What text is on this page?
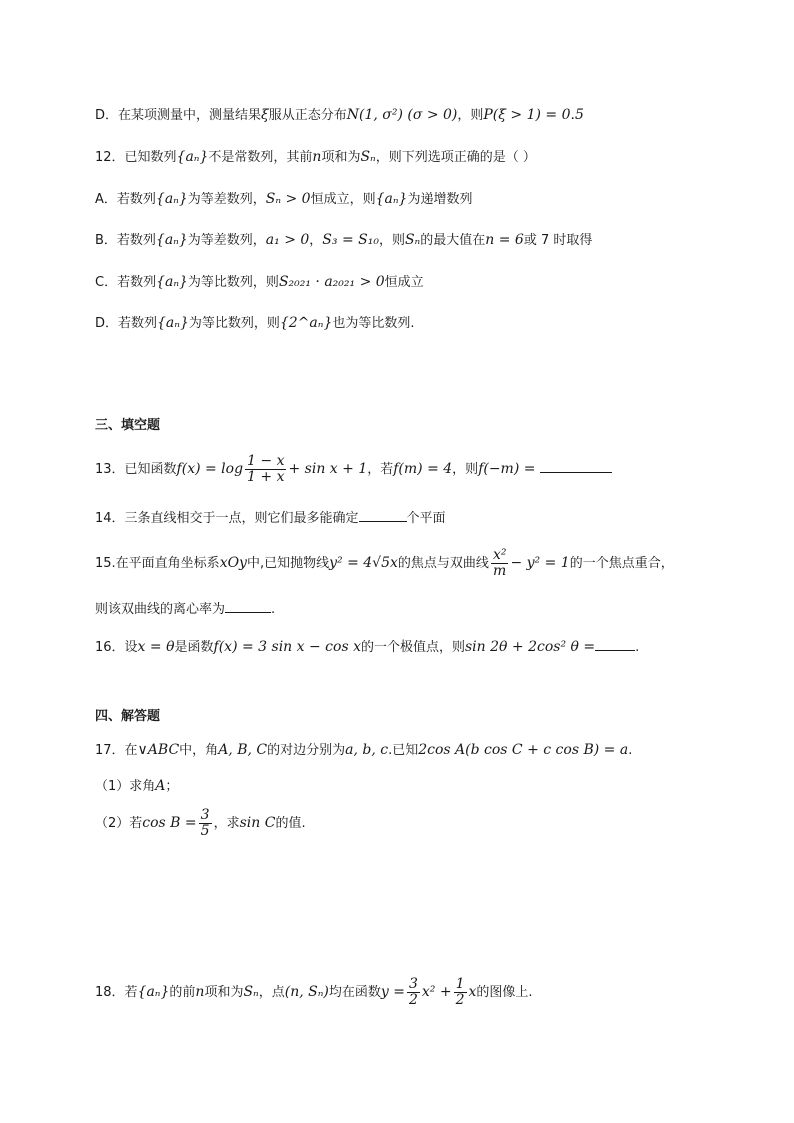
D．在某项测量中，测量结果ξ服从正态分布N(1, σ²) (σ > 0)，则P(ξ > 1) = 0.5
12．已知数列{aₙ}不是常数列，其前n项和为Sₙ，则下列选项正确的是（ ）
A．若数列{aₙ}为等差数列，Sₙ > 0恒成立，则{aₙ}为递增数列
B．若数列{aₙ}为等差数列，a₁ > 0，S₃ = S₁₀，则Sₙ的最大值在n = 6或 7 时取得
C．若数列{aₙ}为等比数列，则S₂₀₂₁ · a₂₀₂₁ > 0恒成立
D．若数列{aₙ}为等比数列，则{2^aₙ}也为等比数列.
三、填空题
13．已知函数$f(x) = \log \frac{1 - x}{1 + x} + \sin x + 1$，若f(m) = 4，则f(−m) =
14．三条直线相交于一点，则它们最多能确定	个平面
15.在平面直角坐标系xOy中,已知抛物线y² = 4√5x的焦点与双曲线 $\frac{\text{x²}}{m} - y^2 = 1$的一个焦点重合，
则该双曲线的离心率为	.
16．设x = θ是函数f(x) = 3 sin x − cos x的一个极值点，则sin 2θ + 2cos² θ =	.
四、解答题
17．在∨ABC中，角A, B, C的对边分别为a, b, c.已知2cos A(b cos C + c cos B) = a.
（1）求角A；
（2）若$\cos B = \frac{3}{5}$ ，求sin C的值.
18．若{aₙ}的前n项和为Sₙ，点(n, Sₙ)均在函数$y = \frac{3}{2} x^2 + \frac{1}{2}$ x的图像上.
